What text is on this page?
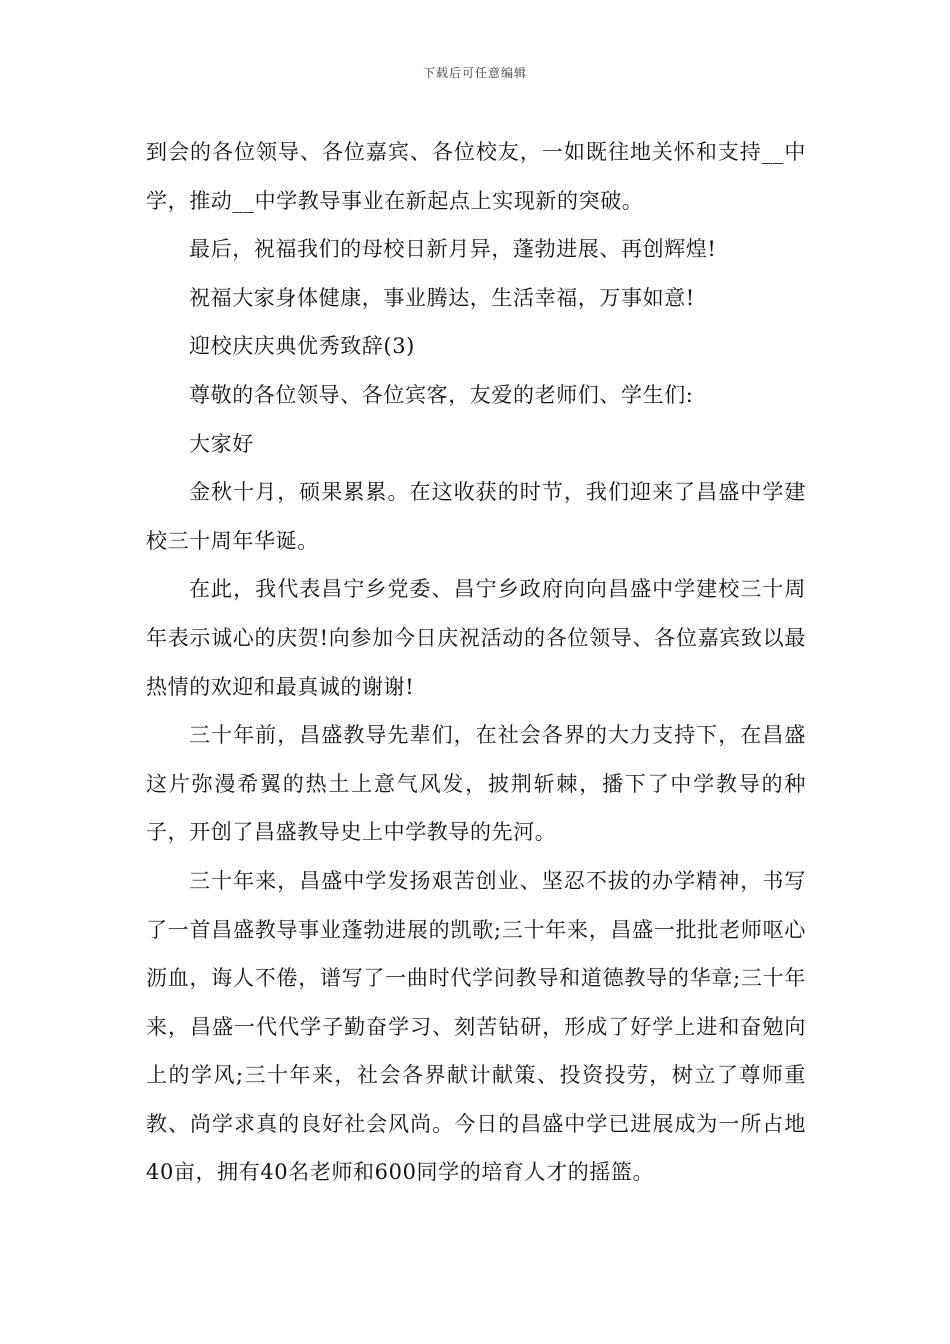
下载后可任意编辑

到会的各位领导、各位嘉宾、各位校友，一如既往地关怀和支持__中学，推动__中学教导事业在新起点上实现新的突破。

最后，祝福我们的母校日新月异，蓬勃进展、再创辉煌!

祝福大家身体健康，事业腾达，生活幸福，万事如意!

迎校庆庆典优秀致辞(3)

尊敬的各位领导、各位宾客，友爱的老师们、学生们:

大家好

金秋十月，硕果累累。在这收获的时节，我们迎来了昌盛中学建校三十周年华诞。

在此，我代表昌宁乡党委、昌宁乡政府向向昌盛中学建校三十周年表示诚心的庆贺!向参加今日庆祝活动的各位领导、各位嘉宾致以最热情的欢迎和最真诚的谢谢!

三十年前，昌盛教导先辈们，在社会各界的大力支持下，在昌盛这片弥漫希翼的热土上意气风发，披荆斩棘，播下了中学教导的种子，开创了昌盛教导史上中学教导的先河。

三十年来，昌盛中学发扬艰苦创业、坚忍不拔的办学精神，书写了一首昌盛教导事业蓬勃进展的凯歌;三十年来，昌盛一批批老师呕心沥血，诲人不倦，谱写了一曲时代学问教导和道德教导的华章;三十年来，昌盛一代代学子勤奋学习、刻苦钻研，形成了好学上进和奋勉向上的学风;三十年来，社会各界献计献策、投资投劳，树立了尊师重教、尚学求真的良好社会风尚。今日的昌盛中学已进展成为一所占地40亩，拥有40名老师和600同学的培育人才的摇篮。
